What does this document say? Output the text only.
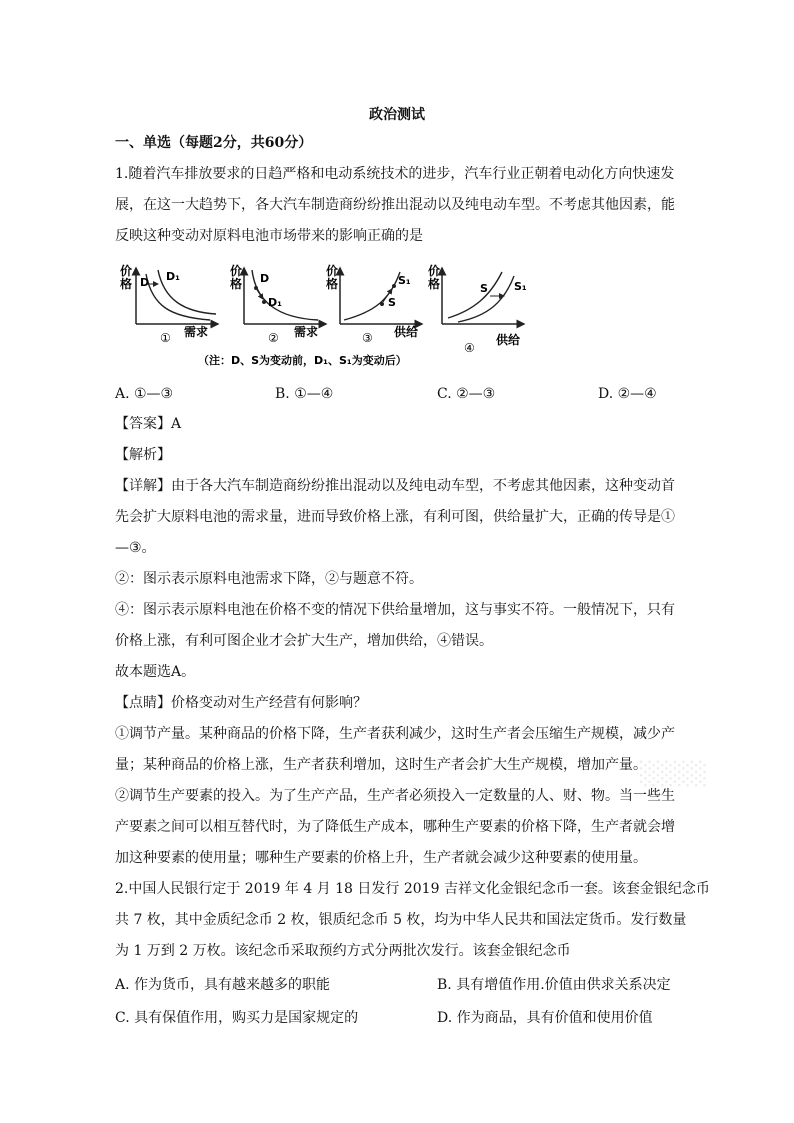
政治测试
一、单选（每题2分，共60分）
1.随着汽车排放要求的日趋严格和电动系统技术的进步，汽车行业正朝着电动化方向快速发
展，在这一大趋势下，各大汽车制造商纷纷推出混动以及纯电动车型。不考虑其他因素，能
反映这种变动对原料电池市场带来的影响正确的是
价
格 D D₁
需求
①
价
格 D
D₁
需求
②
价
格	S₁
S
供给
③
价
格	S S₁
供给
④
（注：D、S为变动前，D₁、S₁为变动后）
A. ①—③	B. ①—④	C. ②—③	D. ②—④
【答案】A
【解析】
【详解】由于各大汽车制造商纷纷推出混动以及纯电动车型，不考虑其他因素，这种变动首
先会扩大原料电池的需求量，进而导致价格上涨，有利可图，供给量扩大，正确的传导是①
—③。
②：图示表示原料电池需求下降，②与题意不符。
④：图示表示原料电池在价格不变的情况下供给量增加，这与事实不符。一般情况下，只有
价格上涨，有利可图企业才会扩大生产，增加供给，④错误。
故本题选A。
【点睛】价格变动对生产经营有何影响？
①调节产量。某种商品的价格下降，生产者获利减少，这时生产者会压缩生产规模，减少产
量；某种商品的价格上涨，生产者获利增加，这时生产者会扩大生产规模，增加产量。
②调节生产要素的投入。为了生产产品，生产者必须投入一定数量的人、财、物。当一些生
产要素之间可以相互替代时，为了降低生产成本，哪种生产要素的价格下降，生产者就会增
加这种要素的使用量；哪种生产要素的价格上升，生产者就会减少这种要素的使用量。
░░░░
2.中国人民银行定于 2019 年 4 月 18 日发行 2019 吉祥文化金银纪念币一套。该套金银纪念币
共 7 枚，其中金质纪念币 2 枚，银质纪念币 5 枚，均为中华人民共和国法定货币。发行数量
为 1 万到 2 万枚。该纪念币采取预约方式分两批次发行。该套金银纪念币
A. 作为货币，具有越来越多的职能	B. 具有增值作用.价值由供求关系决定
C. 具有保值作用，购买力是国家规定的	D. 作为商品，具有价值和使用价值
